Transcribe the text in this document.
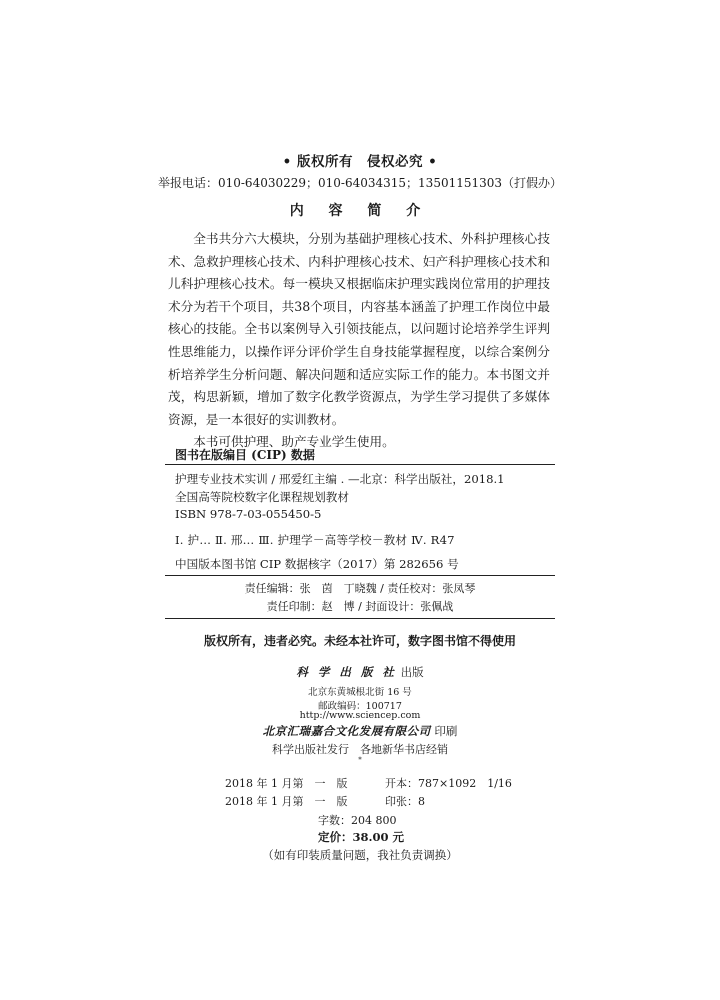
• 版权所有　侵权必究 •
举报电话：010-64030229；010-64034315；13501151303（打假办）
内 容 简 介

全书共分六大模块，分别为基础护理核心技术、外科护理核心技术、急救护理核心技术、内科护理核心技术、妇产科护理核心技术和儿科护理核心技术。每一模块又根据临床护理实践岗位常用的护理技术分为若干个项目，共38个项目，内容基本涵盖了护理工作岗位中最核心的技能。全书以案例导入引领技能点，以问题讨论培养学生评判性思维能力，以操作评分评价学生自身技能掌握程度，以综合案例分析培养学生分析问题、解决问题和适应实际工作的能力。本书图文并茂，构思新颖，增加了数字化教学资源点，为学生学习提供了多媒体资源，是一本很好的实训教材。

本书可供护理、助产专业学生使用。

图书在版编目 (CIP) 数据
护理专业技术实训 / 邢爱红主编 . —北京：科学出版社，2018.1
全国高等院校数字化课程规划教材
ISBN 978-7-03-055450-5
Ⅰ. 护… Ⅱ. 邢… Ⅲ. 护理学－高等学校－教材 Ⅳ. R47
中国版本图书馆 CIP 数据核字（2017）第 282656 号
责任编辑：张　茵　丁晓魏 / 责任校对：张凤琴
责任印制：赵　博 / 封面设计：张佩战
版权所有，违者必究。未经本社许可，数字图书馆不得使用
科 学 出 版 社 出版
北京东黄城根北街 16 号
邮政编码：100717
http://www.sciencep.com
北京汇瑞嘉合文化发展有限公司 印刷
科学出版社发行　各地新华书店经销
*
2018 年 1 月第　一　版	开本：787×1092　1/16
2018 年 1 月第　一　版	印张：8
字数：204 800
定价：38.00 元
（如有印装质量问题，我社负责调换）
